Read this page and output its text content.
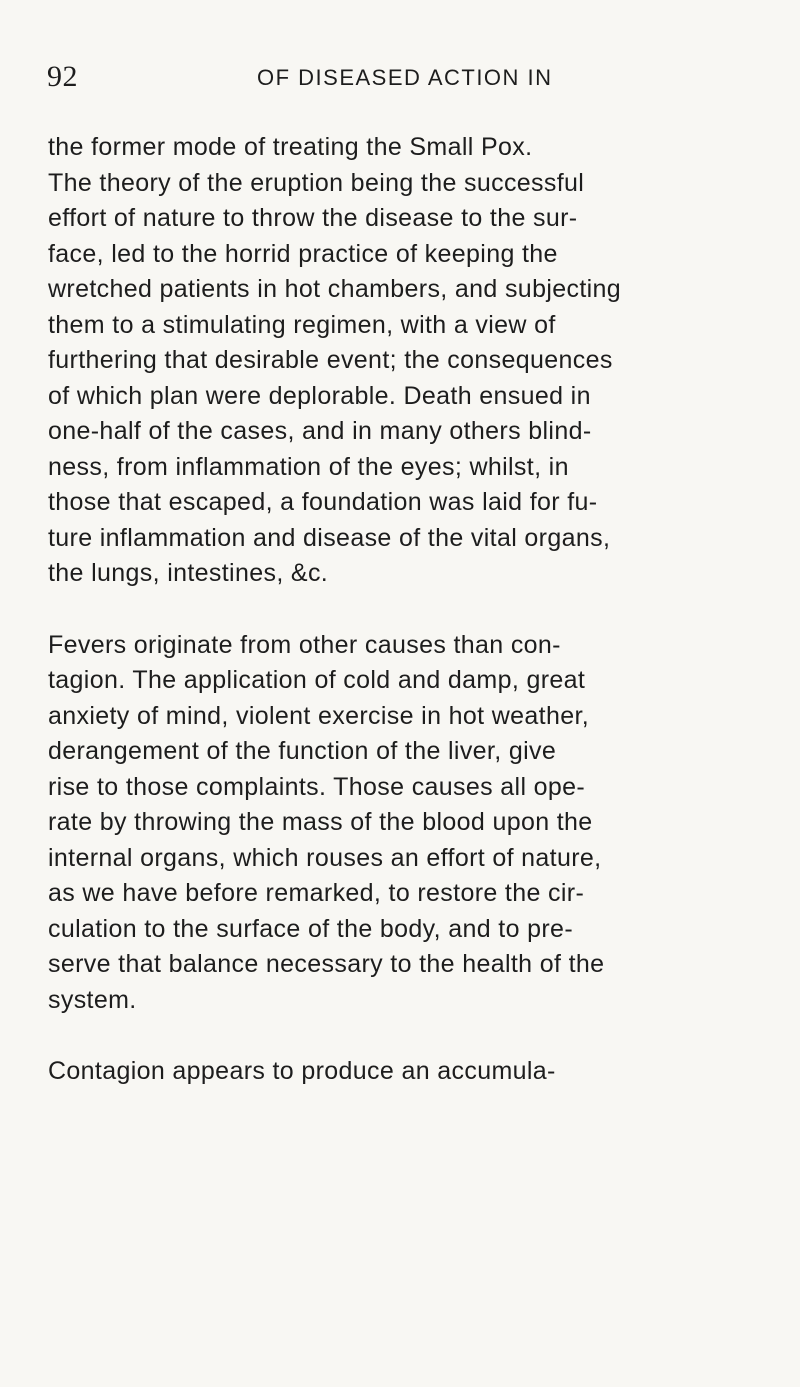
92	OF DISEASED ACTION IN

the former mode of treating the Small Pox.
The theory of the eruption being the successful
effort of nature to throw the disease to the sur-
face, led to the horrid practice of keeping the
wretched patients in hot chambers, and subjecting
them to a stimulating regimen, with a view of
furthering that desirable event; the consequences
of which plan were deplorable. Death ensued in
one-half of the cases, and in many others blind-
ness, from inflammation of the eyes; whilst, in
those that escaped, a foundation was laid for fu-
ture inflammation and disease of the vital organs,
the lungs, intestines, &c.

Fevers originate from other causes than con-
tagion. The application of cold and damp, great
anxiety of mind, violent exercise in hot weather,
derangement of the function of the liver, give
rise to those complaints. Those causes all ope-
rate by throwing the mass of the blood upon the
internal organs, which rouses an effort of nature,
as we have before remarked, to restore the cir-
culation to the surface of the body, and to pre-
serve that balance necessary to the health of the
system.

Contagion appears to produce an accumula-
